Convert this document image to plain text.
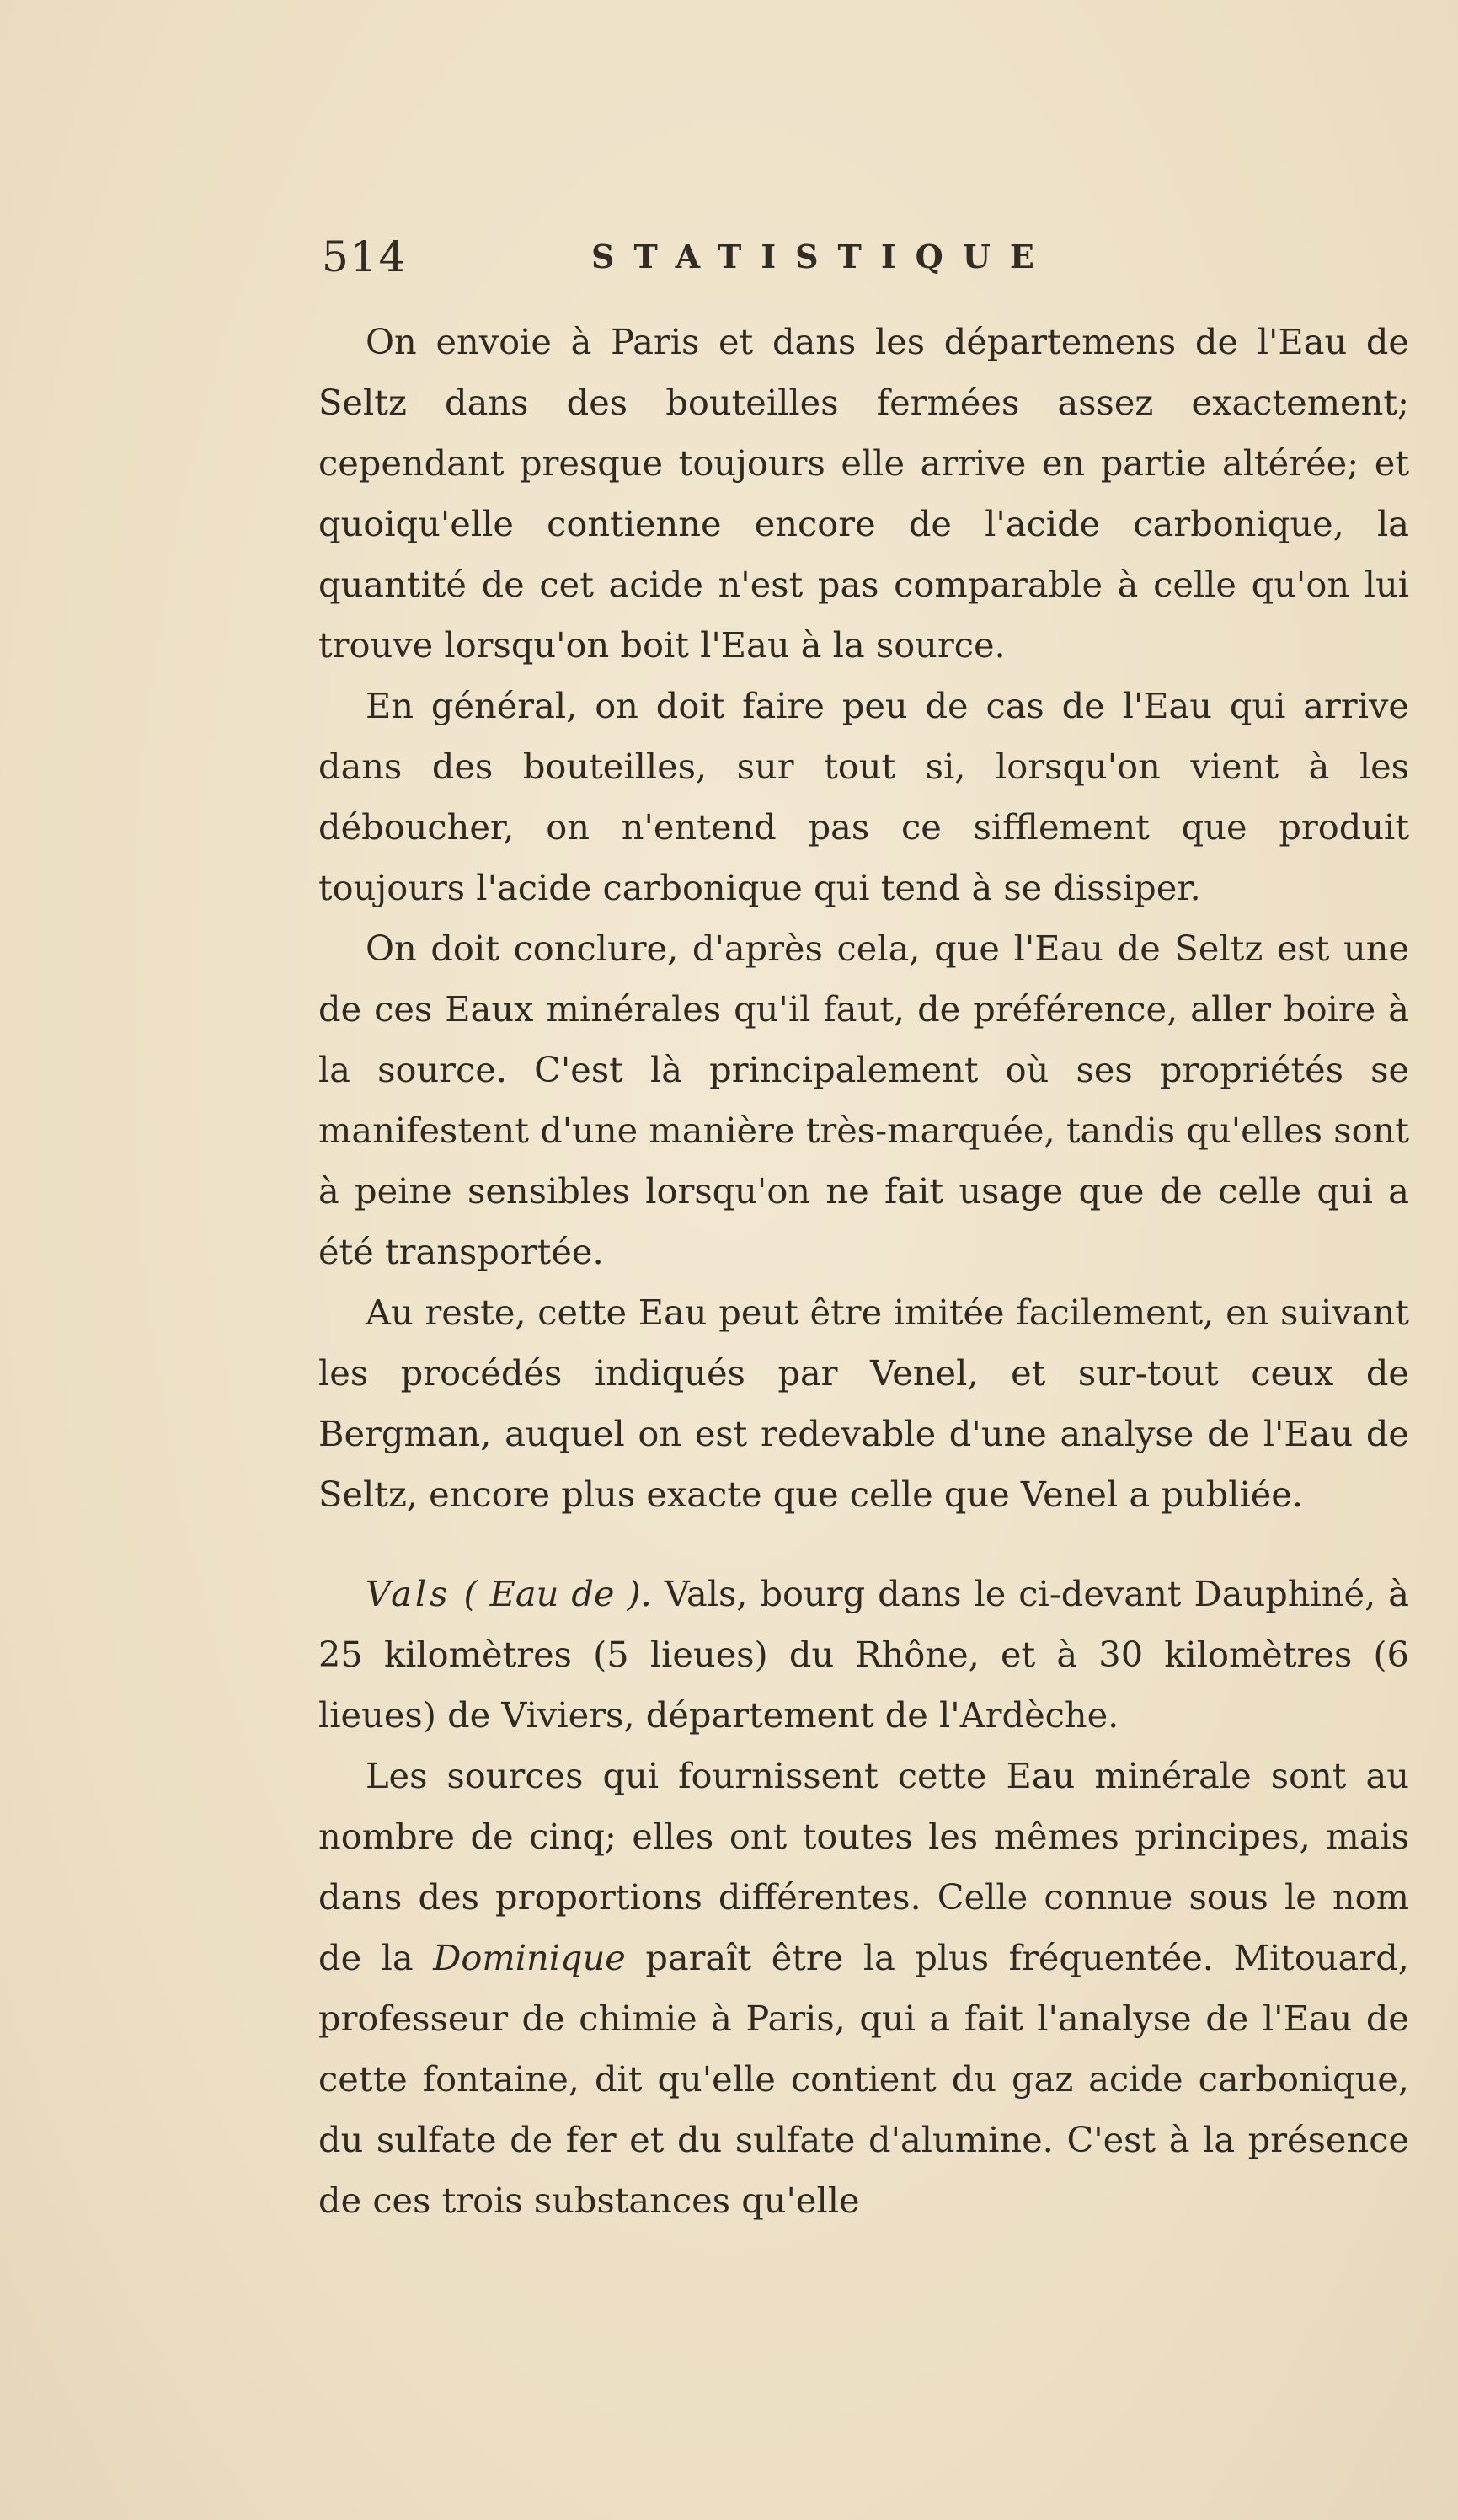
514	STATISTIQUE

On envoie à Paris et dans les départemens de l'Eau de Seltz dans des bouteilles fermées assez exactement; cependant presque toujours elle arrive en partie altérée; et quoiqu'elle contienne encore de l'acide carbonique, la quantité de cet acide n'est pas comparable à celle qu'on lui trouve lorsqu'on boit l'Eau à la source.

En général, on doit faire peu de cas de l'Eau qui arrive dans des bouteilles, sur tout si, lorsqu'on vient à les déboucher, on n'entend pas ce sifflement que produit toujours l'acide carbonique qui tend à se dissiper.

On doit conclure, d'après cela, que l'Eau de Seltz est une de ces Eaux minérales qu'il faut, de préférence, aller boire à la source. C'est là principalement où ses propriétés se manifestent d'une manière très-marquée, tandis qu'elles sont à peine sensibles lorsqu'on ne fait usage que de celle qui a été transportée.

Au reste, cette Eau peut être imitée facilement, en suivant les procédés indiqués par Venel, et sur-tout ceux de Bergman, auquel on est redevable d'une analyse de l'Eau de Seltz, encore plus exacte que celle que Venel a publiée.

Vals ( Eau de ). Vals, bourg dans le ci-devant Dauphiné, à 25 kilomètres (5 lieues) du Rhône, et à 30 kilomètres (6 lieues) de Viviers, département de l'Ardèche.

Les sources qui fournissent cette Eau minérale sont au nombre de cinq; elles ont toutes les mêmes principes, mais dans des proportions différentes. Celle connue sous le nom de la Dominique paraît être la plus fréquentée. Mitouard, professeur de chimie à Paris, qui a fait l'analyse de l'Eau de cette fontaine, dit qu'elle contient du gaz acide carbonique, du sulfate de fer et du sulfate d'alumine. C'est à la présence de ces trois substances qu'elle
